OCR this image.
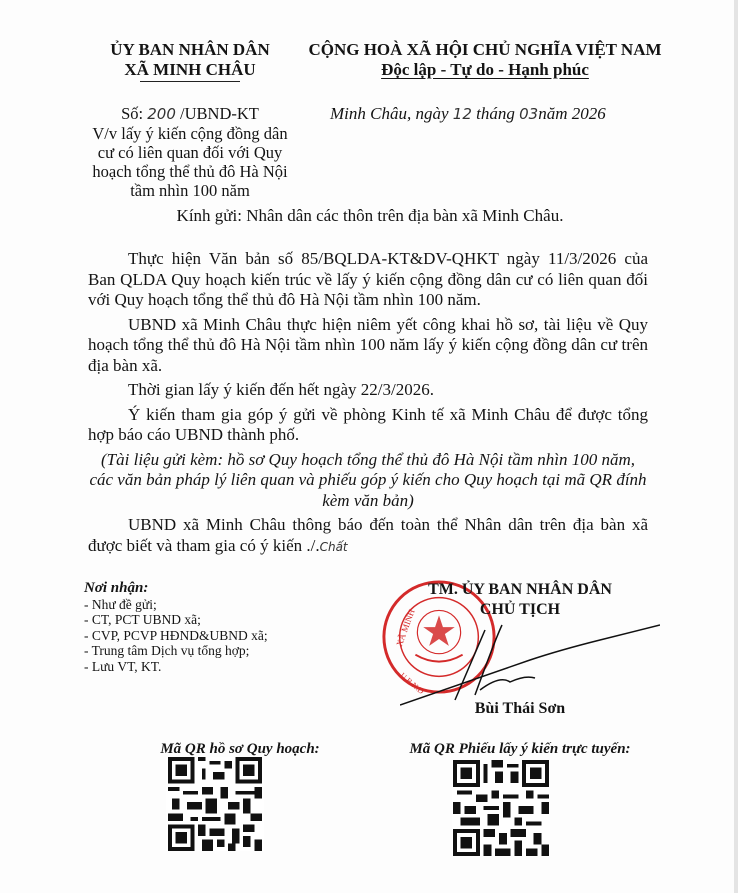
ỦY BAN NHÂN DÂN
XÃ MINH CHÂU
CỘNG HOÀ XÃ HỘI CHỦ NGHĨA VIỆT NAM
Độc lập - Tự do - Hạnh phúc
Số: 200 /UBND-KT
V/v lấy ý kiến cộng đồng dân cư có liên quan đối với Quy hoạch tổng thể thủ đô Hà Nội tầm nhìn 100 năm
Minh Châu, ngày 12 tháng 03năm 2026
Kính gửi: Nhân dân các thôn trên địa bàn xã Minh Châu.

Thực hiện Văn bản số 85/BQLDA-KT&DV-QHKT ngày 11/3/2026 của Ban QLDA Quy hoạch kiến trúc về lấy ý kiến cộng đồng dân cư có liên quan đối với Quy hoạch tổng thể thủ đô Hà Nội tầm nhìn 100 năm.

UBND xã Minh Châu thực hiện niêm yết công khai hồ sơ, tài liệu về Quy hoạch tổng thể thủ đô Hà Nội tầm nhìn 100 năm lấy ý kiến cộng đồng dân cư trên địa bàn xã.

Thời gian lấy ý kiến đến hết ngày 22/3/2026.

Ý kiến tham gia góp ý gửi về phòng Kinh tế xã Minh Châu để được tổng hợp báo cáo UBND thành phố.

(Tài liệu gửi kèm: hồ sơ Quy hoạch tổng thể thủ đô Hà Nội tầm nhìn 100 năm, các văn bản pháp lý liên quan và phiếu góp ý kiến cho Quy hoạch tại mã QR đính kèm văn bản)

UBND xã Minh Châu thông báo đến toàn thể Nhân dân trên địa bàn xã được biết và tham gia có ý kiến ./.Chất

Nơi nhận:
- Như đề gửi;
- CT, PCT UBND xã;
- CVP, PCVP HĐND&UBND xã;
- Trung tâm Dịch vụ tổng hợp;
- Lưu VT, KT.
XÃ MINH
U.B.N.D
TM. ỦY BAN NHÂN DÂN
CHỦ TỊCH
Bùi Thái Sơn
Mã QR hồ sơ Quy hoạch:	Mã QR Phiếu lấy ý kiến trực tuyến:
